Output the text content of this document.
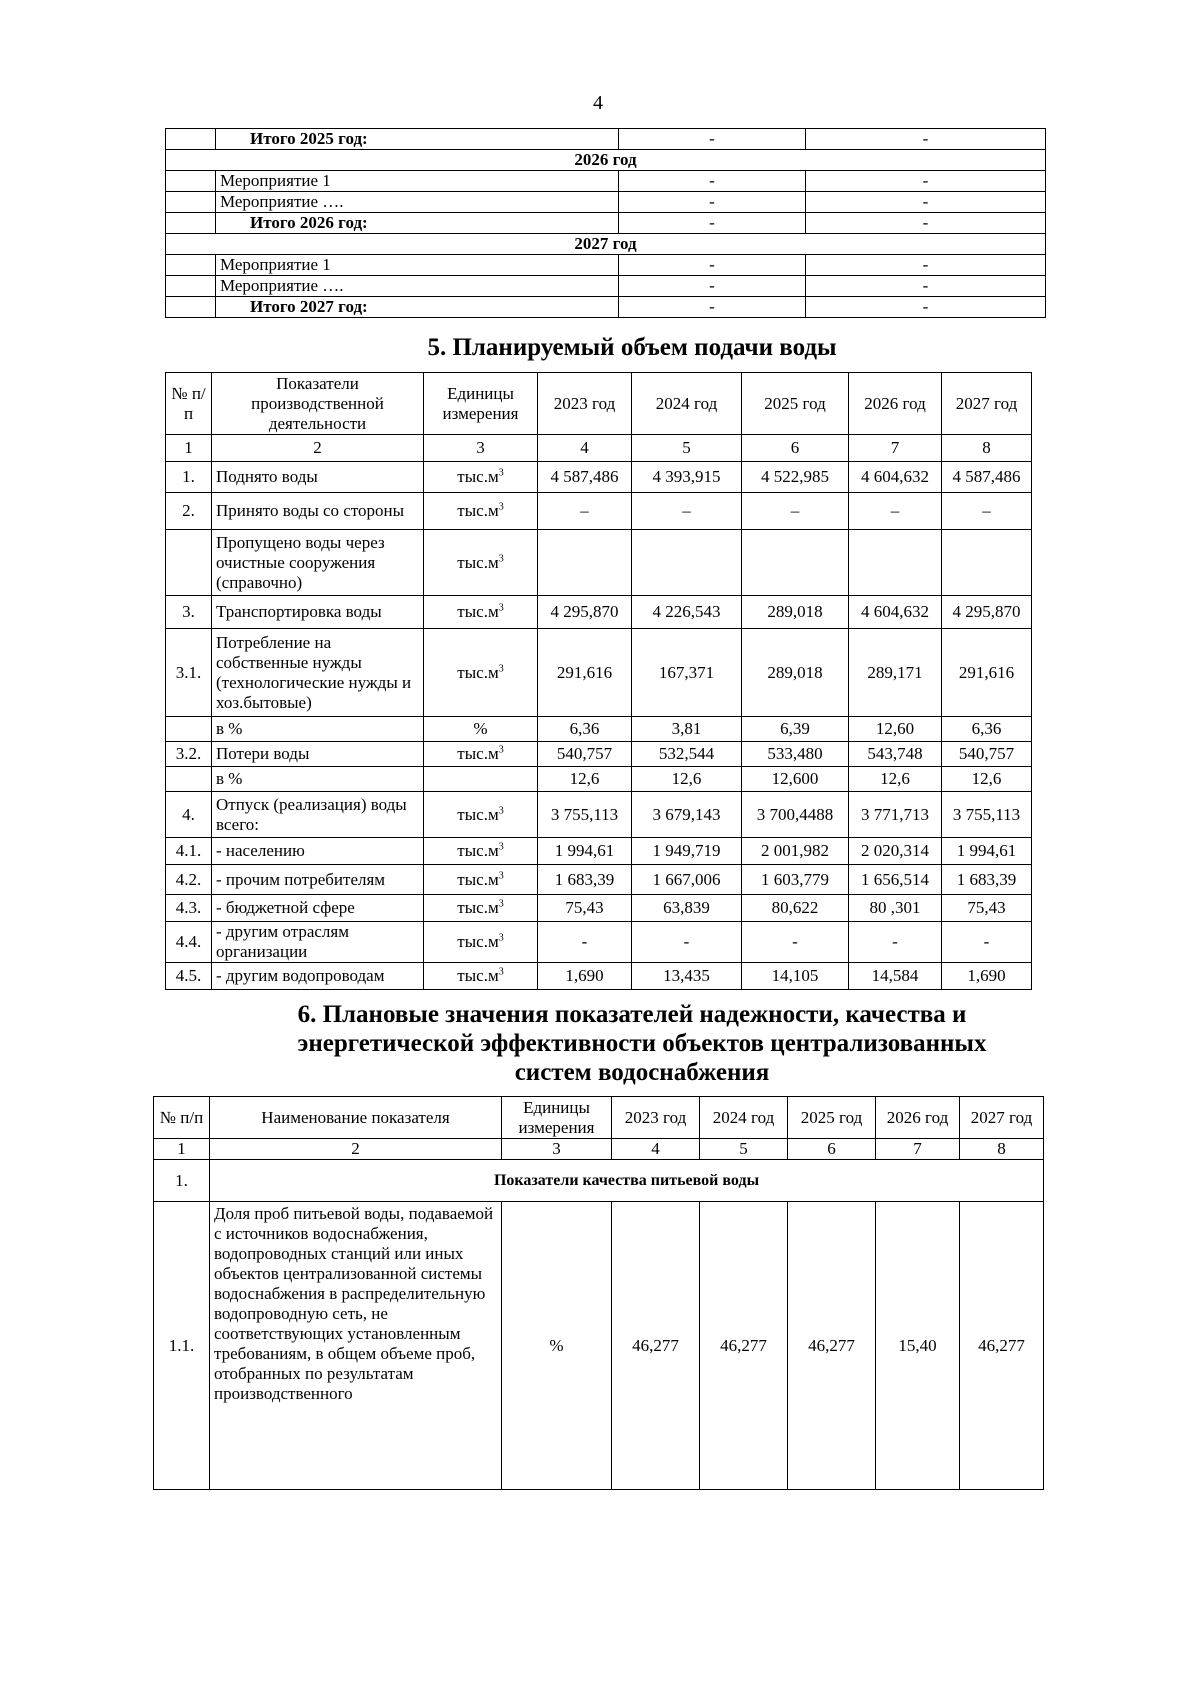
4
	Итого 2025 год:	-	-
2026 год			
	Мероприятие 1	-	-
	Мероприятие ….	-	-
	Итого 2026 год:	-	-
2027 год			
	Мероприятие 1	-	-
	Мероприятие ….	-	-
	Итого 2027 год:	-	-
5. Планируемый объем подачи воды
№ п/п	Показатели производственной деятельности	Единицы измерения	2023 год	2024 год	2025 год	2026 год	2027 год
1	2	3	4	5	6	7	8
1.	Поднято воды	$тыс.м^3$	4 587,486	4 393,915	4 522,985	4 604,632	4 587,486
2.	Принято воды со стороны	$тыс.м^3$	–	–	–	–	–
	Пропущено воды через очистные сооружения (справочно)	$тыс.м^3$					
3.	Транспортировка воды	$тыс.м^3$	4 295,870	4 226,543	289,018	4 604,632	4 295,870
3.1.	Потребление на собственные нужды (технологические нужды и хоз.бытовые)	$тыс.м^3$	291,616	167,371	289,018	289,171	291,616
	в %	%	6,36	3,81	6,39	12,60	6,36
3.2.	Потери воды	$тыс.м^3$	540,757	532,544	533,480	543,748	540,757
	в %		12,6	12,6	12,600	12,6	12,6
4.	Отпуск (реализация) воды всего:	$тыс.м^3$	3 755,113	3 679,143	3 700,4488	3 771,713	3 755,113
4.1.	- населению	$тыс.м^3$	1 994,61	1 949,719	2 001,982	2 020,314	1 994,61
4.2.	- прочим потребителям	$тыс.м^3$	1 683,39	1 667,006	1 603,779	1 656,514	1 683,39
4.3.	- бюджетной сфере	$тыс.м^3$	75,43	63,839	80,622	80 ,301	75,43
4.4.	- другим отраслям организации	$тыс.м^3$	-	-	-	-	-
4.5.	- другим водопроводам	$тыс.м^3$	1,690	13,435	14,105	14,584	1,690
6. Плановые значения показателей надежности, качества и
энергетической эффективности объектов централизованных
систем водоснабжения
№ п/п	Наименование показателя	Единицы измерения	2023 год	2024 год	2025 год	2026 год	2027 год
1	2	3	4	5	6	7	8
1.	Показатели качества питьевой воды						
1.1.	Доля проб питьевой воды, подаваемой с источников водоснабжения, водопроводных станций или иных объектов централизованной системы водоснабжения в распределительную водопроводную сеть, не соответствующих установленным требованиям, в общем объеме проб, отобранных по результатам производственного	%	46,277	46,277	46,277	15,40	46,277
